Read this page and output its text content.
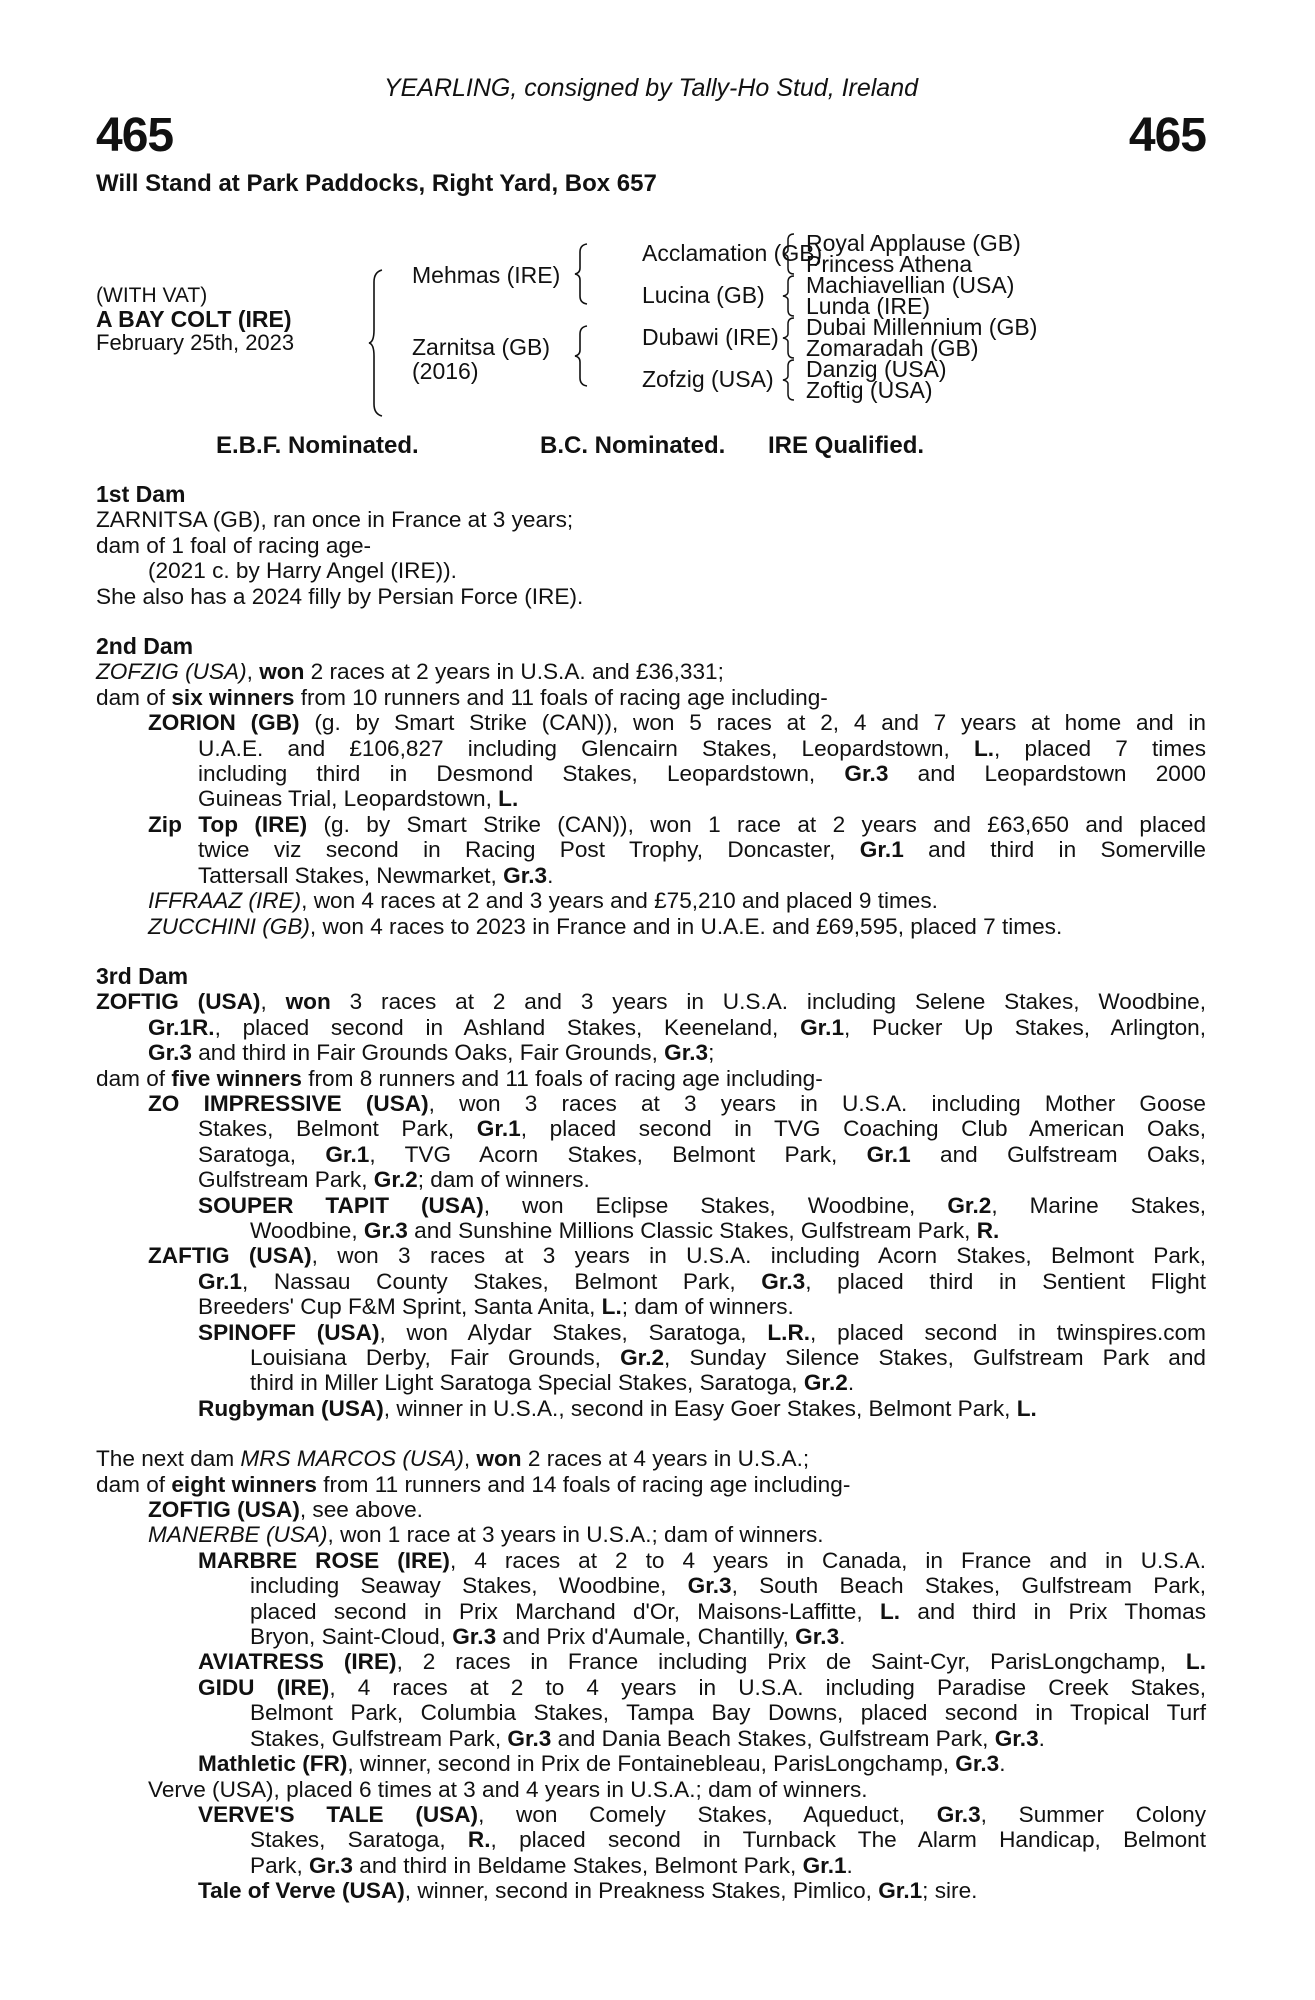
YEARLING, consigned by Tally-Ho Stud, Ireland
465	465
Will Stand at Park Paddocks, Right Yard, Box 657
(WITH VAT)
A BAY COLT (IRE)
February 25th, 2023
Mehmas (IRE)
Zarnitsa (GB)
(2016)
Acclamation (GB)
Lucina (GB)
Dubawi (IRE)
Zofzig (USA)
Royal Applause (GB)
Princess Athena
Machiavellian (USA)
Lunda (IRE)
Dubai Millennium (GB)
Zomaradah (GB)
Danzig (USA)
Zoftig (USA)
E.B.F. Nominated.	B.C. Nominated. IRE Qualified.
1st Dam
ZARNITSA (GB), ran once in France at 3 years;
dam of 1 foal of racing age-
(2021 c. by Harry Angel (IRE)).
She also has a 2024 filly by Persian Force (IRE).
2nd Dam
ZOFZIG (USA), won 2 races at 2 years in U.S.A. and £36,331;
dam of six winners from 10 runners and 11 foals of racing age including-
ZORION (GB) (g. by Smart Strike (CAN)), won 5 races at 2, 4 and 7 years at home and in
U.A.E. and £106,827 including Glencairn Stakes, Leopardstown, L., placed 7 times
including third in Desmond Stakes, Leopardstown, Gr.3 and Leopardstown 2000
Guineas Trial, Leopardstown, L.
Zip Top (IRE) (g. by Smart Strike (CAN)), won 1 race at 2 years and £63,650 and placed
twice viz second in Racing Post Trophy, Doncaster, Gr.1 and third in Somerville
Tattersall Stakes, Newmarket, Gr.3.
IFFRAAZ (IRE), won 4 races at 2 and 3 years and £75,210 and placed 9 times.
ZUCCHINI (GB), won 4 races to 2023 in France and in U.A.E. and £69,595, placed 7 times.
3rd Dam
ZOFTIG (USA), won 3 races at 2 and 3 years in U.S.A. including Selene Stakes, Woodbine,
Gr.1R., placed second in Ashland Stakes, Keeneland, Gr.1, Pucker Up Stakes, Arlington,
Gr.3 and third in Fair Grounds Oaks, Fair Grounds, Gr.3;
dam of five winners from 8 runners and 11 foals of racing age including-
ZO IMPRESSIVE (USA), won 3 races at 3 years in U.S.A. including Mother Goose
Stakes, Belmont Park, Gr.1, placed second in TVG Coaching Club American Oaks,
Saratoga, Gr.1, TVG Acorn Stakes, Belmont Park, Gr.1 and Gulfstream Oaks,
Gulfstream Park, Gr.2; dam of winners.
SOUPER TAPIT (USA), won Eclipse Stakes, Woodbine, Gr.2, Marine Stakes,
Woodbine, Gr.3 and Sunshine Millions Classic Stakes, Gulfstream Park, R.
ZAFTIG (USA), won 3 races at 3 years in U.S.A. including Acorn Stakes, Belmont Park,
Gr.1, Nassau County Stakes, Belmont Park, Gr.3, placed third in Sentient Flight
Breeders' Cup F&M Sprint, Santa Anita, L.; dam of winners.
SPINOFF (USA), won Alydar Stakes, Saratoga, L.R., placed second in twinspires.com
Louisiana Derby, Fair Grounds, Gr.2, Sunday Silence Stakes, Gulfstream Park and
third in Miller Light Saratoga Special Stakes, Saratoga, Gr.2.
Rugbyman (USA), winner in U.S.A., second in Easy Goer Stakes, Belmont Park, L.
The next dam MRS MARCOS (USA), won 2 races at 4 years in U.S.A.;
dam of eight winners from 11 runners and 14 foals of racing age including-
ZOFTIG (USA), see above.
MANERBE (USA), won 1 race at 3 years in U.S.A.; dam of winners.
MARBRE ROSE (IRE), 4 races at 2 to 4 years in Canada, in France and in U.S.A.
including Seaway Stakes, Woodbine, Gr.3, South Beach Stakes, Gulfstream Park,
placed second in Prix Marchand d'Or, Maisons-Laffitte, L. and third in Prix Thomas
Bryon, Saint-Cloud, Gr.3 and Prix d'Aumale, Chantilly, Gr.3.
AVIATRESS (IRE), 2 races in France including Prix de Saint-Cyr, ParisLongchamp, L.
GIDU (IRE), 4 races at 2 to 4 years in U.S.A. including Paradise Creek Stakes,
Belmont Park, Columbia Stakes, Tampa Bay Downs, placed second in Tropical Turf
Stakes, Gulfstream Park, Gr.3 and Dania Beach Stakes, Gulfstream Park, Gr.3.
Mathletic (FR), winner, second in Prix de Fontainebleau, ParisLongchamp, Gr.3.
Verve (USA), placed 6 times at 3 and 4 years in U.S.A.; dam of winners.
VERVE'S TALE (USA), won Comely Stakes, Aqueduct, Gr.3, Summer Colony
Stakes, Saratoga, R., placed second in Turnback The Alarm Handicap, Belmont
Park, Gr.3 and third in Beldame Stakes, Belmont Park, Gr.1.
Tale of Verve (USA), winner, second in Preakness Stakes, Pimlico, Gr.1; sire.
